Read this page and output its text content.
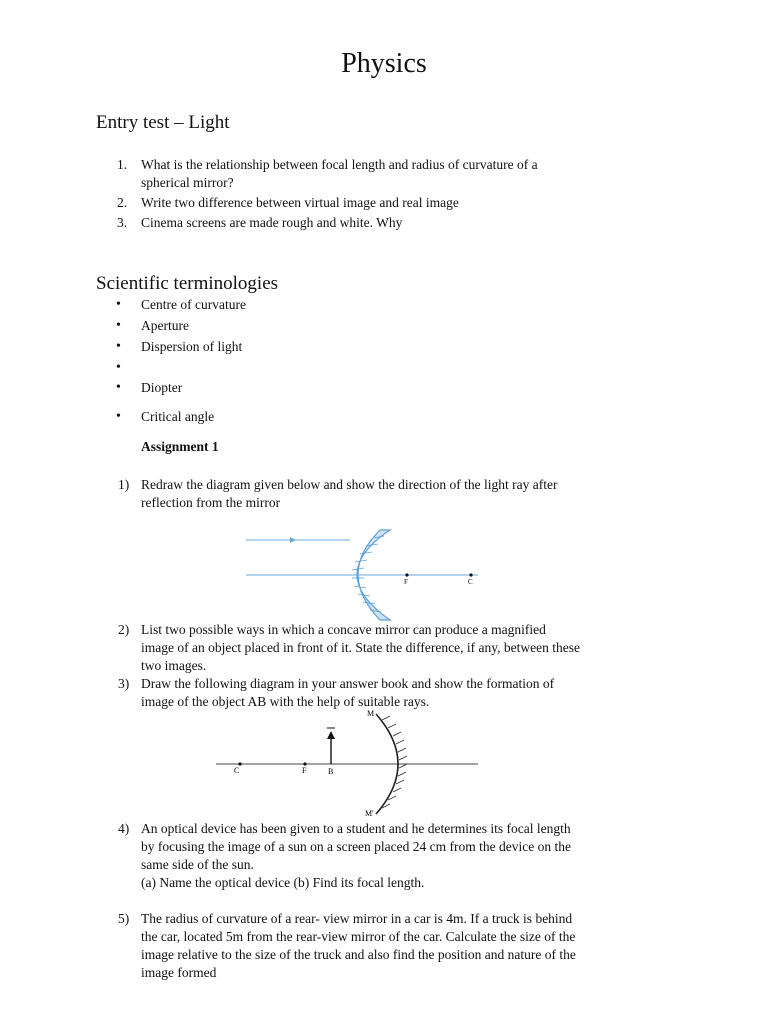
Physics
Entry test – Light
1. What is the relationship between focal length and radius of curvature of a
spherical mirror?
2. Write two difference between virtual image and real image
3. Cinema screens are made rough and white. Why
Scientific terminologies
• Centre of curvature
• Aperture
• Dispersion of light
•
• Diopter
• Critical angle
Assignment 1
1) Redraw the diagram given below and show the direction of the light ray after
reflection from the mirror
F	C
2) List two possible ways in which a concave mirror can produce a magnified
image of an object placed in front of it. State the difference, if any, between these
two images.
3) Draw the following diagram in your answer book and show the formation of
image of the object AB with the help of suitable rays.
C	F	B
M
M'
4) An optical device has been given to a student and he determines its focal length
by focusing the image of a sun on a screen placed 24 cm from the device on the
same side of the sun.
(a) Name the optical device (b) Find its focal length.
5) The radius of curvature of a rear- view mirror in a car is 4m. If a truck is behind
the car, located 5m from the rear-view mirror of the car. Calculate the size of the
image relative to the size of the truck and also find the position and nature of the
image formed
